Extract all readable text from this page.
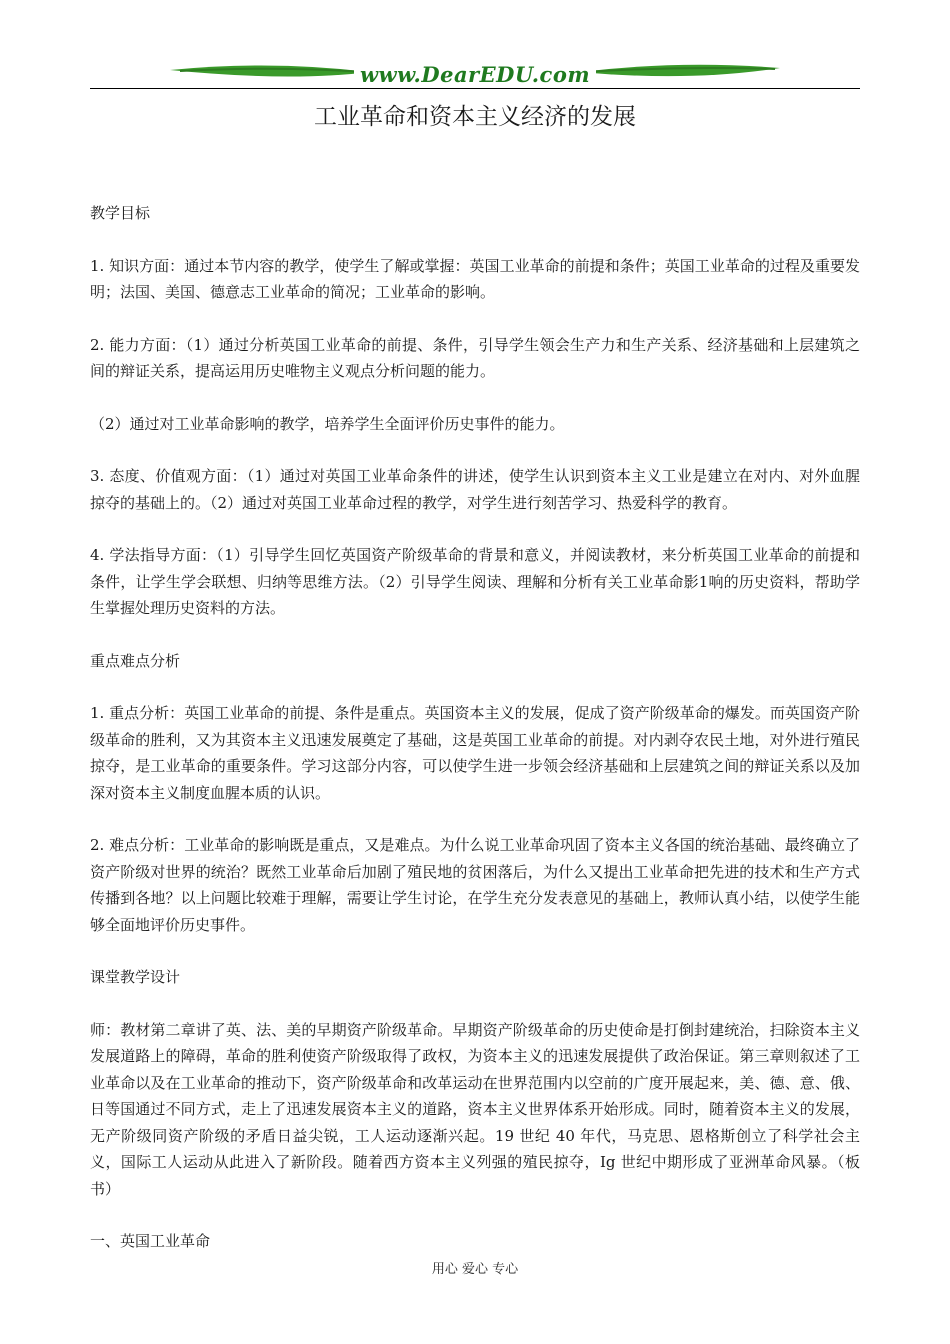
www.DearEDU.com
工业革命和资本主义经济的发展
教学目标
1. 知识方面：通过本节内容的教学，使学生了解或掌握：英国工业革命的前提和条件；英国工业革命的过程及重要发明；法国、美国、德意志工业革命的简况；工业革命的影响。
2. 能力方面：（1）通过分析英国工业革命的前提、条件，引导学生领会生产力和生产关系、经济基础和上层建筑之间的辩证关系，提高运用历史唯物主义观点分析问题的能力。
（2）通过对工业革命影响的教学，培养学生全面评价历史事件的能力。
3. 态度、价值观方面：（1）通过对英国工业革命条件的讲述，使学生认识到资本主义工业是建立在对内、对外血腥掠夺的基础上的。（2）通过对英国工业革命过程的教学，对学生进行刻苦学习、热爱科学的教育。
4. 学法指导方面：（1）引导学生回忆英国资产阶级革命的背景和意义，并阅读教材，来分析英国工业革命的前提和条件，让学生学会联想、归纳等思维方法。（2）引导学生阅读、理解和分析有关工业革命影1响的历史资料，帮助学生掌握处理历史资料的方法。
重点难点分析
1. 重点分析：英国工业革命的前提、条件是重点。英国资本主义的发展，促成了资产阶级革命的爆发。而英国资产阶级革命的胜利，又为其资本主义迅速发展奠定了基础，这是英国工业革命的前提。对内剥夺农民土地，对外进行殖民掠夺，是工业革命的重要条件。学习这部分内容，可以使学生进一步领会经济基础和上层建筑之间的辩证关系以及加深对资本主义制度血腥本质的认识。
2. 难点分析：工业革命的影响既是重点，又是难点。为什么说工业革命巩固了资本主义各国的统治基础、最终确立了资产阶级对世界的统治？既然工业革命后加剧了殖民地的贫困落后，为什么又提出工业革命把先进的技术和生产方式传播到各地？以上问题比较难于理解，需要让学生讨论，在学生充分发表意见的基础上，教师认真小结，以使学生能够全面地评价历史事件。
课堂教学设计
师：教材第二章讲了英、法、美的早期资产阶级革命。早期资产阶级革命的历史使命是打倒封建统治，扫除资本主义发展道路上的障碍，革命的胜利使资产阶级取得了政权，为资本主义的迅速发展提供了政治保证。第三章则叙述了工业革命以及在工业革命的推动下，资产阶级革命和改革运动在世界范围内以空前的广度开展起来，美、德、意、俄、日等国通过不同方式，走上了迅速发展资本主义的道路，资本主义世界体系开始形成。同时，随着资本主义的发展，无产阶级同资产阶级的矛盾日益尖锐，工人运动逐渐兴起。19 世纪 40 年代，马克思、恩格斯创立了科学社会主义，国际工人运动从此进入了新阶段。随着西方资本主义列强的殖民掠夺，Ig 世纪中期形成了亚洲革命风暴。（板书）
一、英国工业革命
用心 爱心 专心
